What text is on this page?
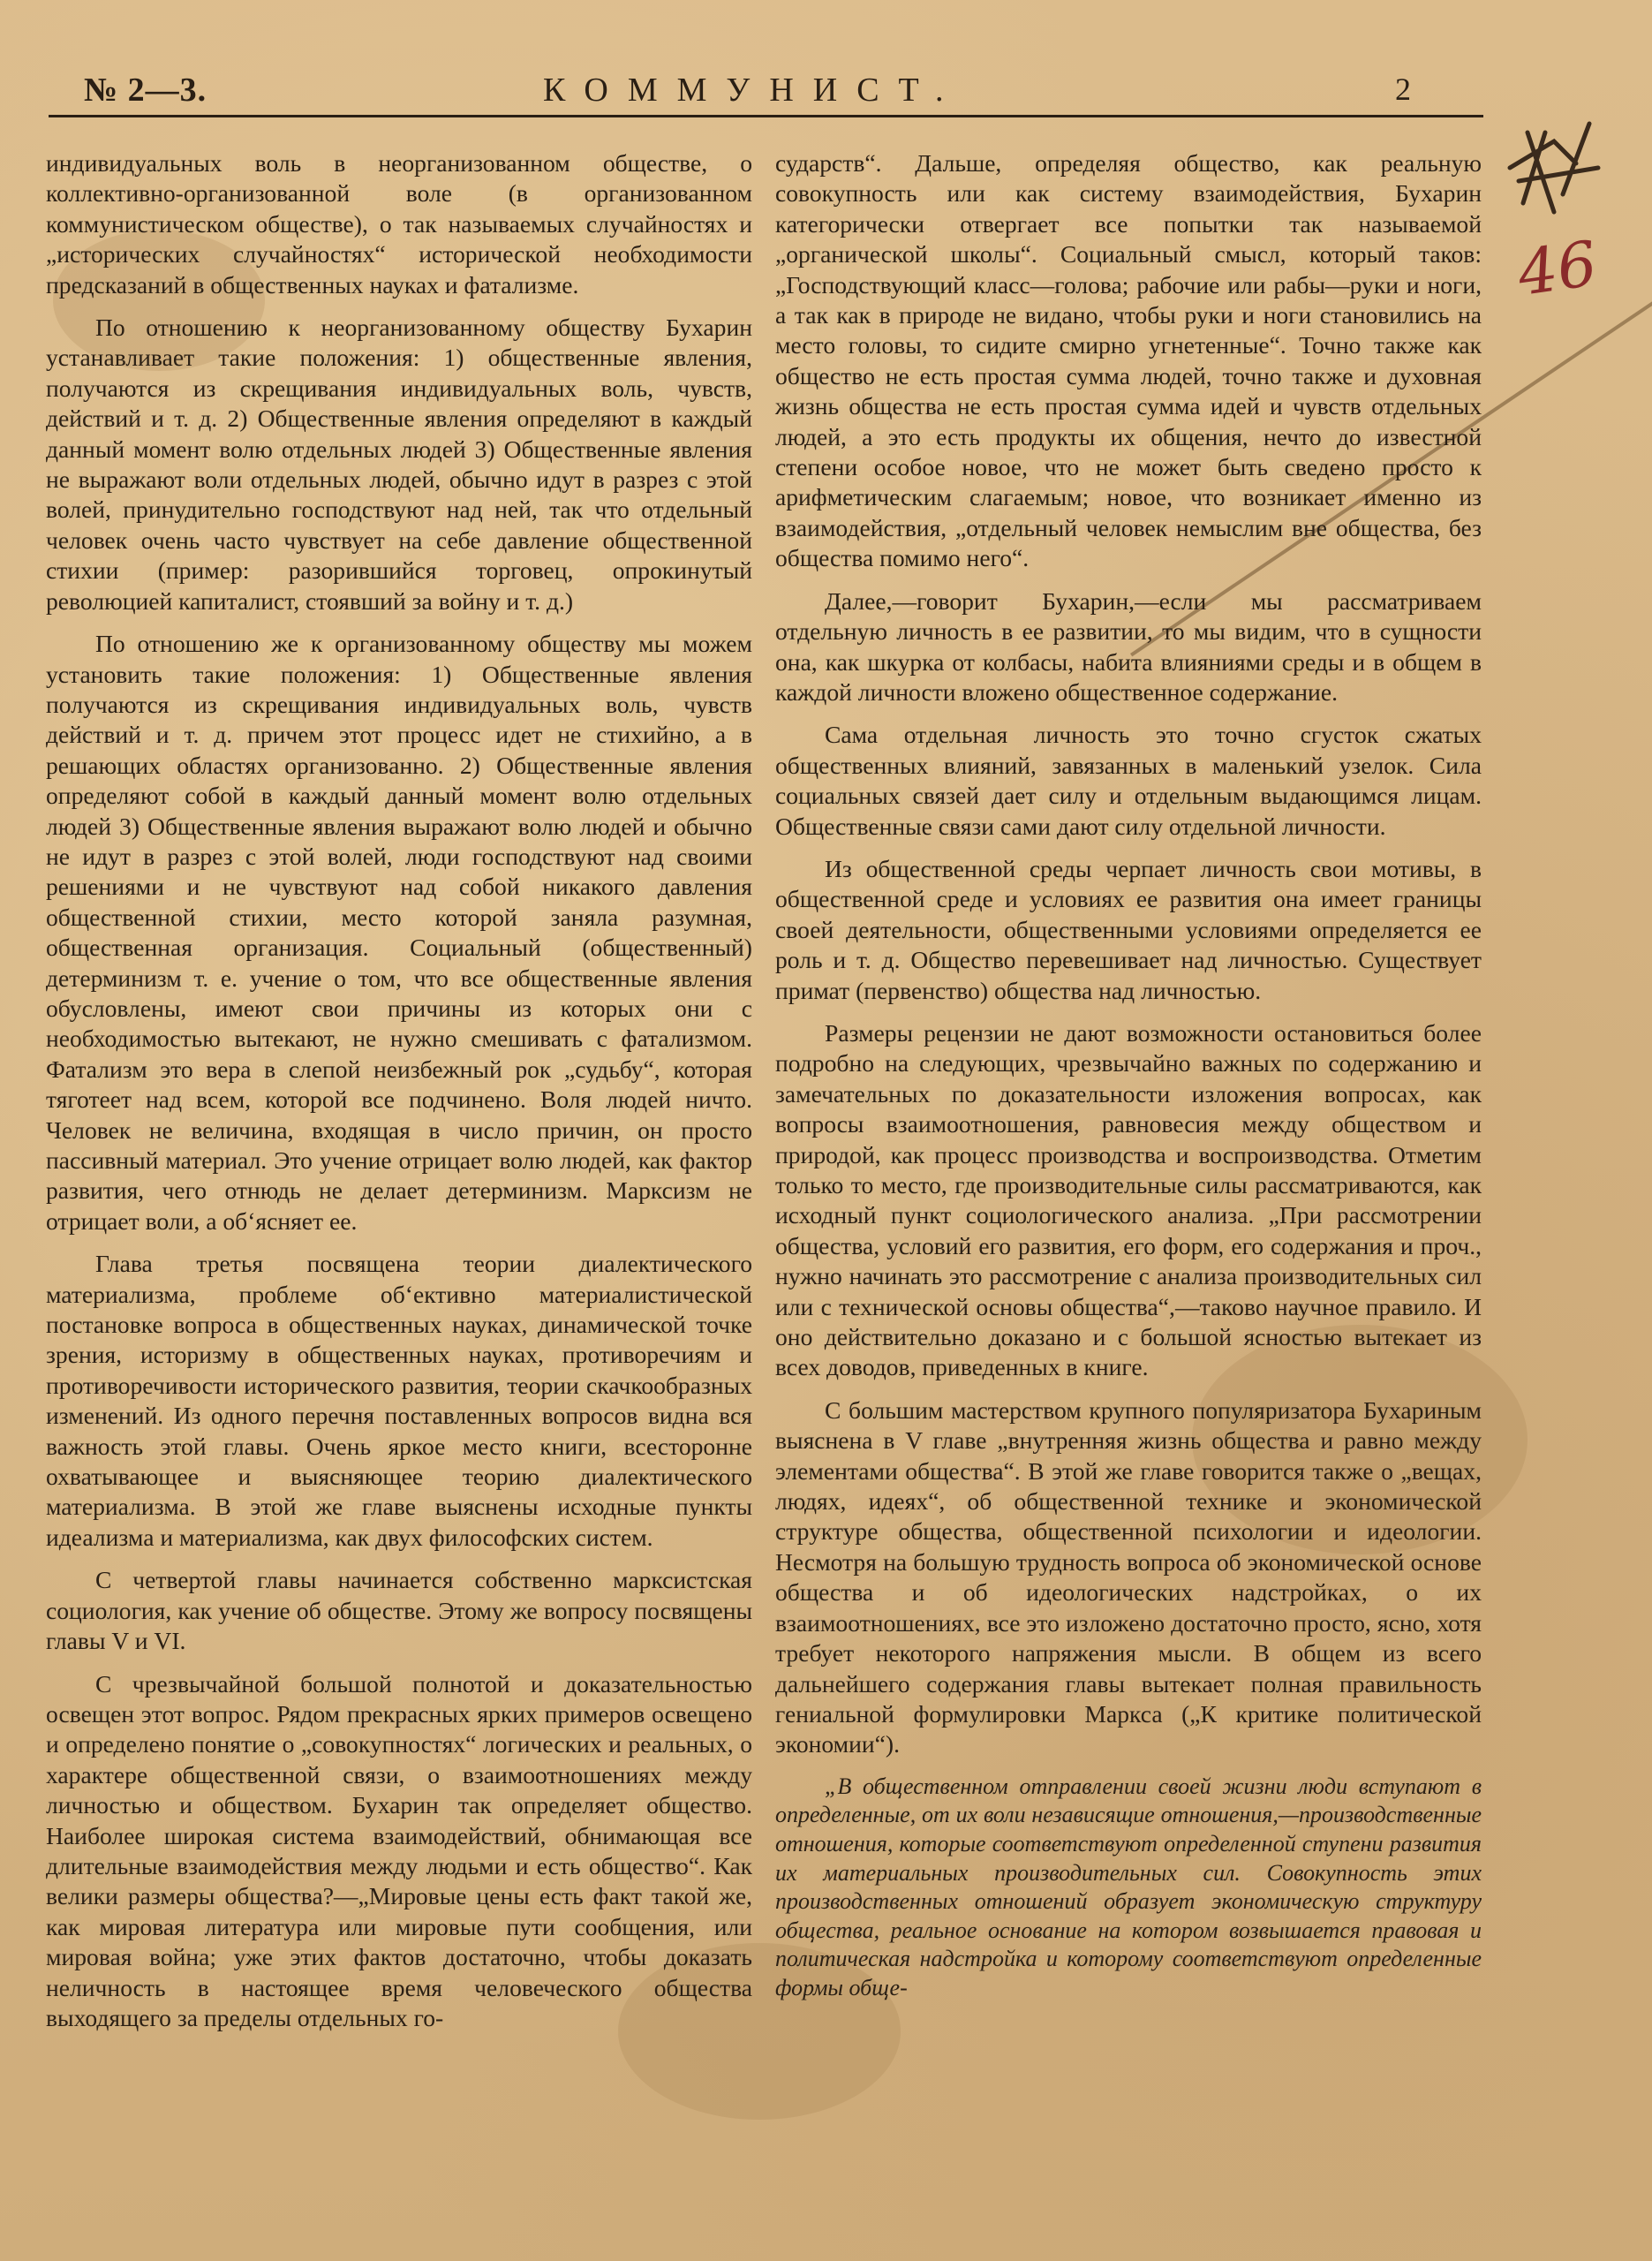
№ 2—3.	КОММУНИСТ.	2
46

индивидуальных воль в неорганизованном обществе, о коллективно-организованной воле (в организованном коммунистическом обществе), о так называемых случайностях и „исторических случайностях“ исторической необходимости предсказаний в общественных науках и фатализме.

По отношению к неорганизованному обществу Бухарин устанавливает такие положения: 1) общественные явления, получаются из скрещивания индивидуальных воль, чувств, действий и т. д. 2) Общественные явления определяют в каждый данный момент волю отдельных людей 3) Общественные явления не выражают воли отдельных людей, обычно идут в разрез с этой волей, принудительно господствуют над ней, так что отдельный человек очень часто чувствует на себе давление общественной стихии (пример: разорившийся торговец, опрокинутый революцией капиталист, стоявший за войну и т. д.)

По отношению же к организованному обществу мы можем установить такие положения: 1) Общественные явления получаются из скрещивания индивидуальных воль, чувств действий и т. д. причем этот процесс идет не стихийно, а в решающих областях организованно. 2) Общественные явления определяют собой в каждый данный момент волю отдельных людей 3) Общественные явления выражают волю людей и обычно не идут в разрез с этой волей, люди господствуют над своими решениями и не чувствуют над собой никакого давления общественной стихии, место которой заняла разумная, общественная организация. Социальный (общественный) детерминизм т. е. учение о том, что все общественные явления обусловлены, имеют свои причины из которых они с необходимостью вытекают, не нужно смешивать с фатализмом. Фатализм это вера в слепой неизбежный рок „судьбу“, которая тяготеет над всем, которой все подчинено. Воля людей ничто. Человек не величина, входящая в число причин, он просто пассивный материал. Это учение отрицает волю людей, как фактор развития, чего отнюдь не делает детерминизм. Марксизм не отрицает воли, а об‘ясняет ее.

Глава третья посвящена теории диалектического материализма, проблеме об‘ективно материалистической постановке вопроса в общественных науках, динамической точке зрения, историзму в общественных науках, противоречиям и противоречивости исторического развития, теории скачкообразных изменений. Из одного перечня поставленных вопросов видна вся важность этой главы. Очень яркое место книги, всесторонне охватывающее и выясняющее теорию диалектического материализма. В этой же главе выяснены исходные пункты идеализма и материализма, как двух философских систем.

С четвертой главы начинается собственно марксистская социология, как учение об обществе. Этому же вопросу посвящены главы V и VI.

С чрезвычайной большой полнотой и доказательностью освещен этот вопрос. Рядом прекрасных ярких примеров освещено и определено понятие о „совокупностях“ логических и реальных, о характере общественной связи, о взаимоотношениях между личностью и обществом. Бухарин так определяет общество. Наиболее широкая система взаимодействий, обнимающая все длительные взаимодействия между людьми и есть общество“. Как велики размеры общества?—„Мировые цены есть факт такой же, как мировая литература или мировые пути сообщения, или мировая война; уже этих фактов достаточно, чтобы доказать неличность в настоящее время человеческого общества выходящего за пределы отдельных го-

сударств“. Дальше, определяя общество, как реальную совокупность или как систему взаимодействия, Бухарин категорически отвергает все попытки так называемой „органической школы“. Социальный смысл, который таков: „Господствующий класс—голова; рабочие или рабы—руки и ноги, а так как в природе не видано, чтобы руки и ноги становились на место головы, то сидите смирно угнетенные“. Точно также как общество не есть простая сумма людей, точно также и духовная жизнь общества не есть простая сумма идей и чувств отдельных людей, а это есть продукты их общения, нечто до известной степени особое новое, что не может быть сведено просто к арифметическим слагаемым; новое, что возникает именно из взаимодействия, „отдельный человек немыслим вне общества, без общества помимо него“.

Далее,—говорит Бухарин,—если мы рассматриваем отдельную личность в ее развитии, то мы видим, что в сущности она, как шкурка от колбасы, набита влияниями среды и в общем в каждой личности вложено общественное содержание.

Сама отдельная личность это точно сгусток сжатых общественных влияний, завязанных в маленький узелок. Сила социальных связей дает силу и отдельным выдающимся лицам. Общественные связи сами дают силу отдельной личности.

Из общественной среды черпает личность свои мотивы, в общественной среде и условиях ее развития она имеет границы своей деятельности, общественными условиями определяется ее роль и т. д. Общество перевешивает над личностью. Существует примат (первенство) общества над личностью.

Размеры рецензии не дают возможности остановиться более подробно на следующих, чрезвычайно важных по содержанию и замечательных по доказательности изложения вопросах, как вопросы взаимоотношения, равновесия между обществом и природой, как процесс производства и воспроизводства. Отметим только то место, где производительные силы рассматриваются, как исходный пункт социологического анализа. „При рассмотрении общества, условий его развития, его форм, его содержания и проч., нужно начинать это рассмотрение с анализа производительных сил или с технической основы общества“,—таково научное правило. И оно действительно доказано и с большой ясностью вытекает из всех доводов, приведенных в книге.

С большим мастерством крупного популяризатора Бухариным выяснена в V главе „внутренняя жизнь общества и равно между элементами общества“. В этой же главе говорится также о „вещах, людях, идеях“, об общественной технике и экономической структуре общества, общественной психологии и идеологии. Несмотря на большую трудность вопроса об экономической основе общества и об идеологических надстройках, о их взаимоотношениях, все это изложено достаточно просто, ясно, хотя требует некоторого напряжения мысли. В общем из всего дальнейшего содержания главы вытекает полная правильность гениальной формулировки Маркса („К критике политической экономии“).

„В общественном отправлении своей жизни люди вступают в определенные, от их воли независящие отношения,—производственные отношения, которые соответствуют определенной ступени развития их материальных производительных сил. Совокупность этих производственных отношений образует экономическую структуру общества, реальное основание на котором возвышается правовая и политическая надстройка и которому соответствуют определенные формы обще-
